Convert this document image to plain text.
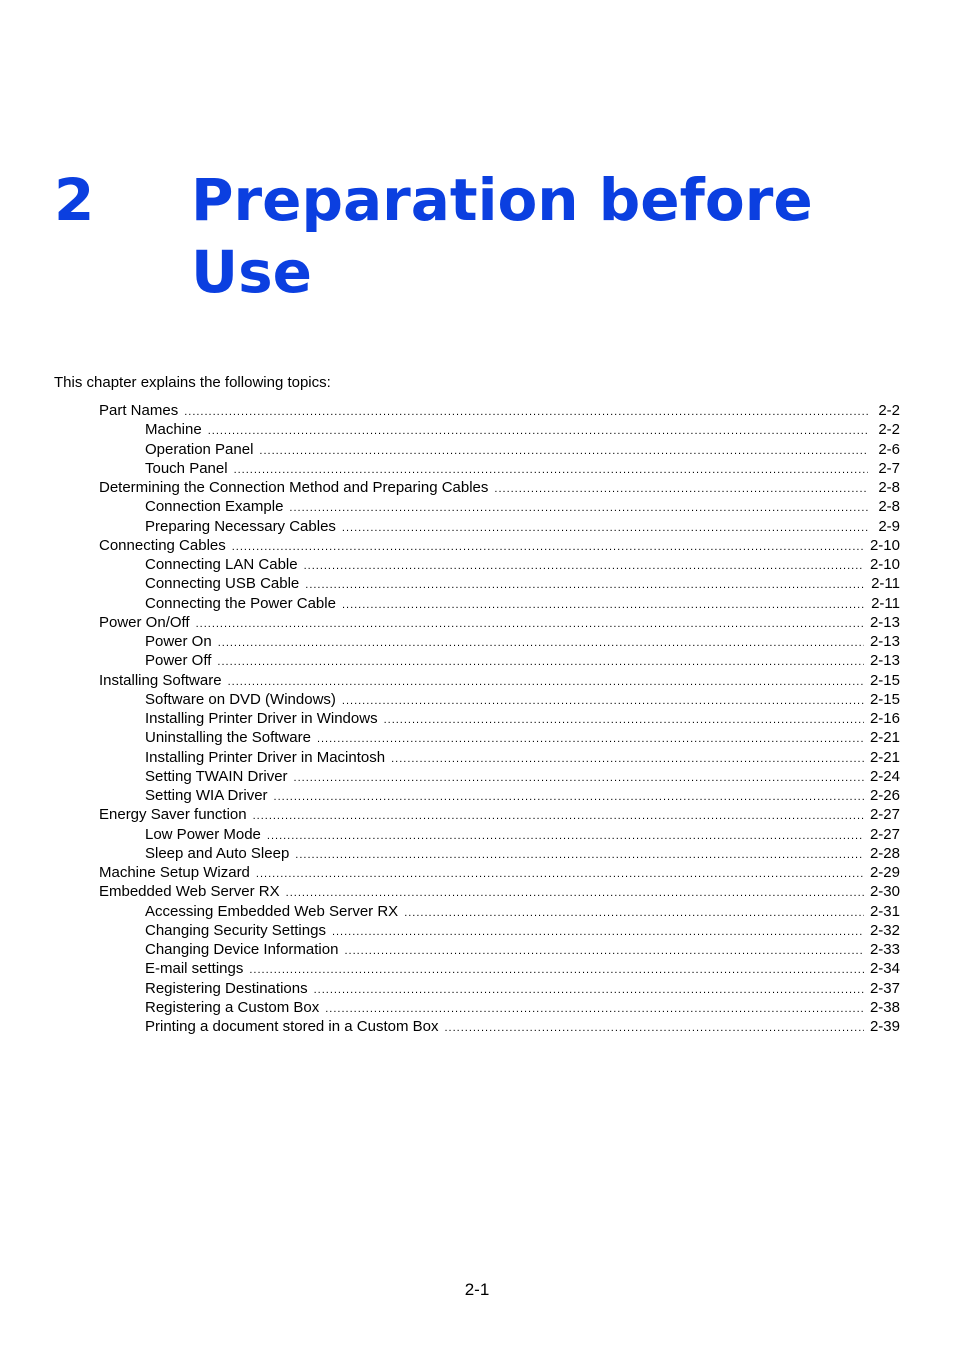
2 Preparation before Use

This chapter explains the following topics:

Part Names .....	2-2
Machine .....	2-2
Operation Panel .....	2-6
Touch Panel .....	2-7
Determining the Connection Method and Preparing Cables .....	2-8
Connection Example .....	2-8
Preparing Necessary Cables .....	2-9
Connecting Cables .....	2-10
Connecting LAN Cable .....	2-10
Connecting USB Cable .....	2-11
Connecting the Power Cable .....	2-11
Power On/Off .....	2-13
Power On .....	2-13
Power Off .....	2-13
Installing Software .....	2-15
Software on DVD (Windows) .....	2-15
Installing Printer Driver in Windows .....	2-16
Uninstalling the Software .....	2-21
Installing Printer Driver in Macintosh .....	2-21
Setting TWAIN Driver .....	2-24
Setting WIA Driver .....	2-26
Energy Saver function .....	2-27
Low Power Mode .....	2-27
Sleep and Auto Sleep .....	2-28
Machine Setup Wizard .....	2-29
Embedded Web Server RX .....	2-30
Accessing Embedded Web Server RX .....	2-31
Changing Security Settings .....	2-32
Changing Device Information .....	2-33
E-mail settings .....	2-34
Registering Destinations .....	2-37
Registering a Custom Box .....	2-38
Printing a document stored in a Custom Box .....	2-39

2-1
